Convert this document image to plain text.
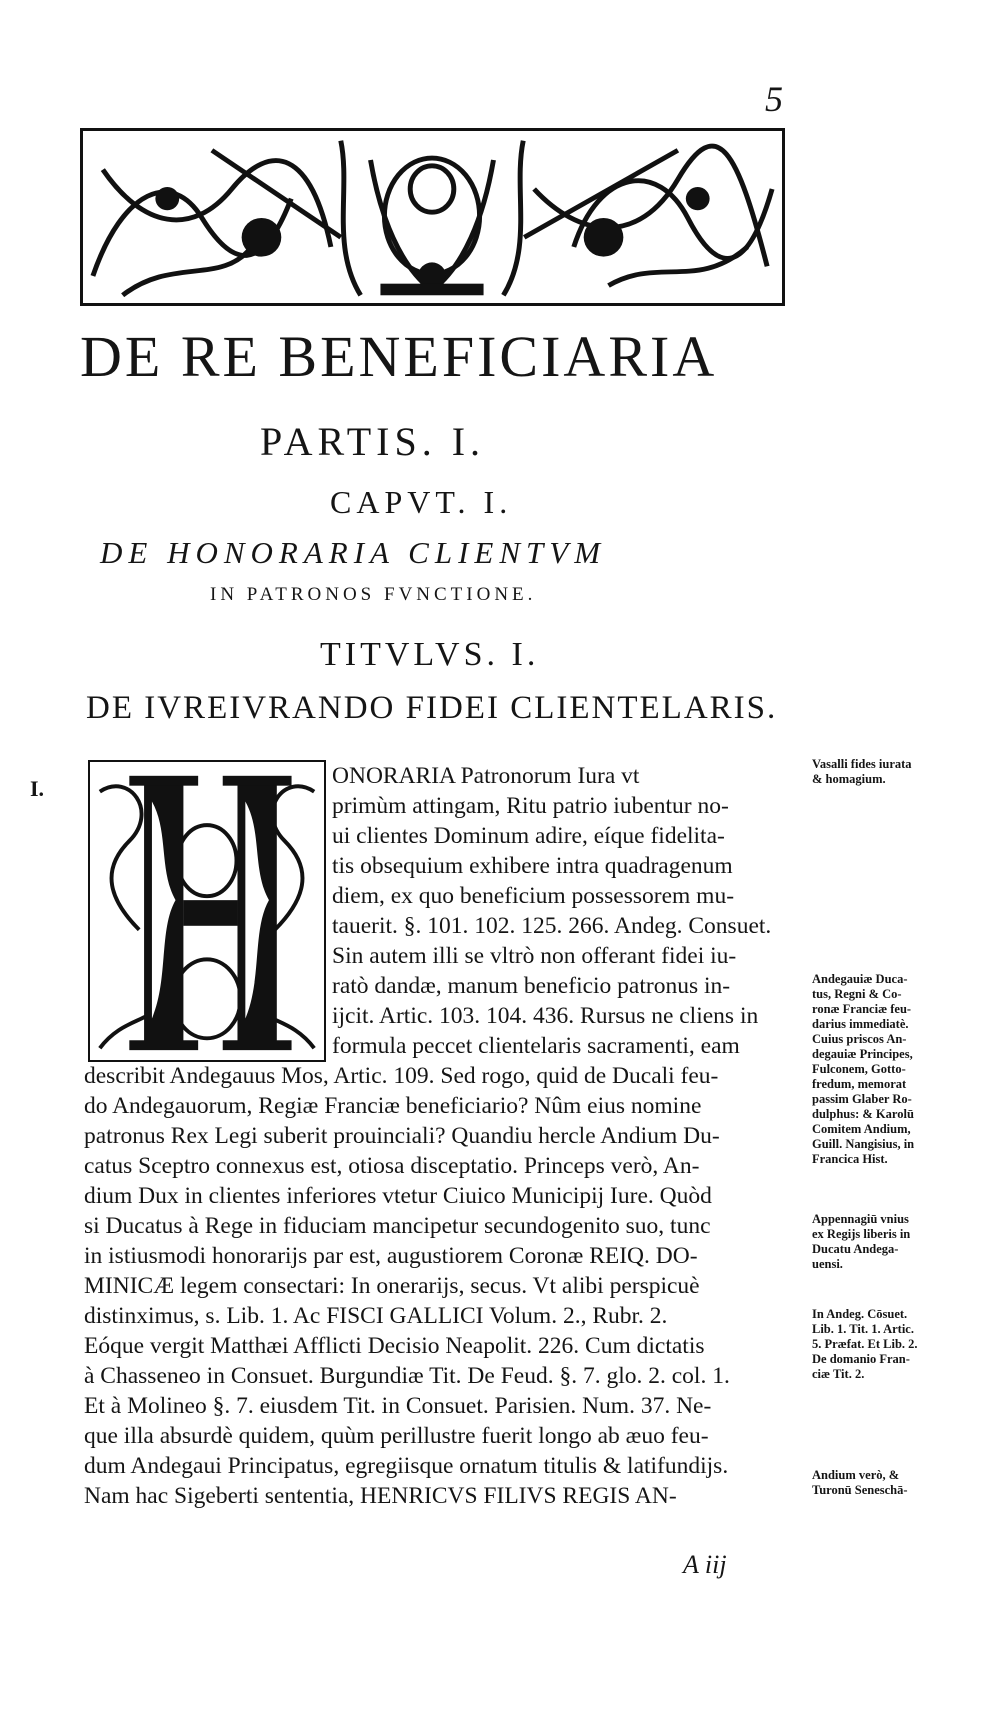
5
DE RE BENEFICIARIA
PARTIS. I.
CAPVT. I.
DE HONORARIA CLIENTVM
IN PATRONOS FVNCTIONE.
TITVLVS. I.
DE IVREIVRANDO FIDEI CLIENTELARIS.
I.	ONORARIA Patronorum Iura vt
primùm attingam, Ritu patrio iubentur no-
ui clientes Dominum adire, eíque fidelita-
tis obsequium exhibere intra quadragenum
diem, ex quo beneficium possessorem mu-
tauerit. §. 101. 102. 125. 266. Andeg. Consuet.
Sin autem illi se vltrò non offerant fidei iu-
ratò dandæ, manum beneficio patronus in-
ijcit. Artic. 103. 104. 436. Rursus ne cliens in
formula peccet clientelaris sacramenti, eam
describit Andegauus Mos, Artic. 109. Sed rogo, quid de Ducali feu-
do Andegauorum, Regiæ Franciæ beneficiario? Nûm eius nomine
patronus Rex Legi suberit prouinciali? Quandiu hercle Andium Du-
catus Sceptro connexus est, otiosa disceptatio. Princeps verò, An-
dium Dux in clientes inferiores vtetur Ciuico Municipij Iure. Quòd
si Ducatus à Rege in fiduciam mancipetur secundogenito suo, tunc
in istiusmodi honorarijs par est, augustiorem Coronæ REIQ. DO-
MINICÆ legem consectari: In onerarijs, secus. Vt alibi perspicuè
distinximus, s. Lib. 1. Ac FISCI GALLICI Volum. 2., Rubr. 2.
Eóque vergit Matthæi Afflicti Decisio Neapolit. 226. Cum dictatis
à Chasseneo in Consuet. Burgundiæ Tit. De Feud. §. 7. glo. 2. col. 1.
Et à Molineo §. 7. eiusdem Tit. in Consuet. Parisien. Num. 37. Ne-
que illa absurdè quidem, quùm perillustre fuerit longo ab æuo feu-
dum Andegaui Principatus, egregiisque ornatum titulis & latifundijs.
Nam hac Sigeberti sententia, HENRICVS FILIVS REGIS AN-
Vasalli fides iurata
& homagium.
Andegauiæ Duca-
tus, Regni & Co-
ronæ Franciæ feu-
darius immediatè.
Cuius priscos An-
degauiæ Principes,
Fulconem, Gotto-
fredum, memorat
passim Glaber Ro-
dulphus: & Karolū
Comitem Andium,
Guill. Nangisius, in
Francica Hist.
Appennagiū vnius
ex Regijs liberis in
Ducatu Andega-
uensi.
In Andeg. Cōsuet.
Lib. 1. Tit. 1. Artic.
5. Præfat. Et Lib. 2.
De domanio Fran-
ciæ Tit. 2.
Andium verò, &
Turonū Seneschā-
A iij
